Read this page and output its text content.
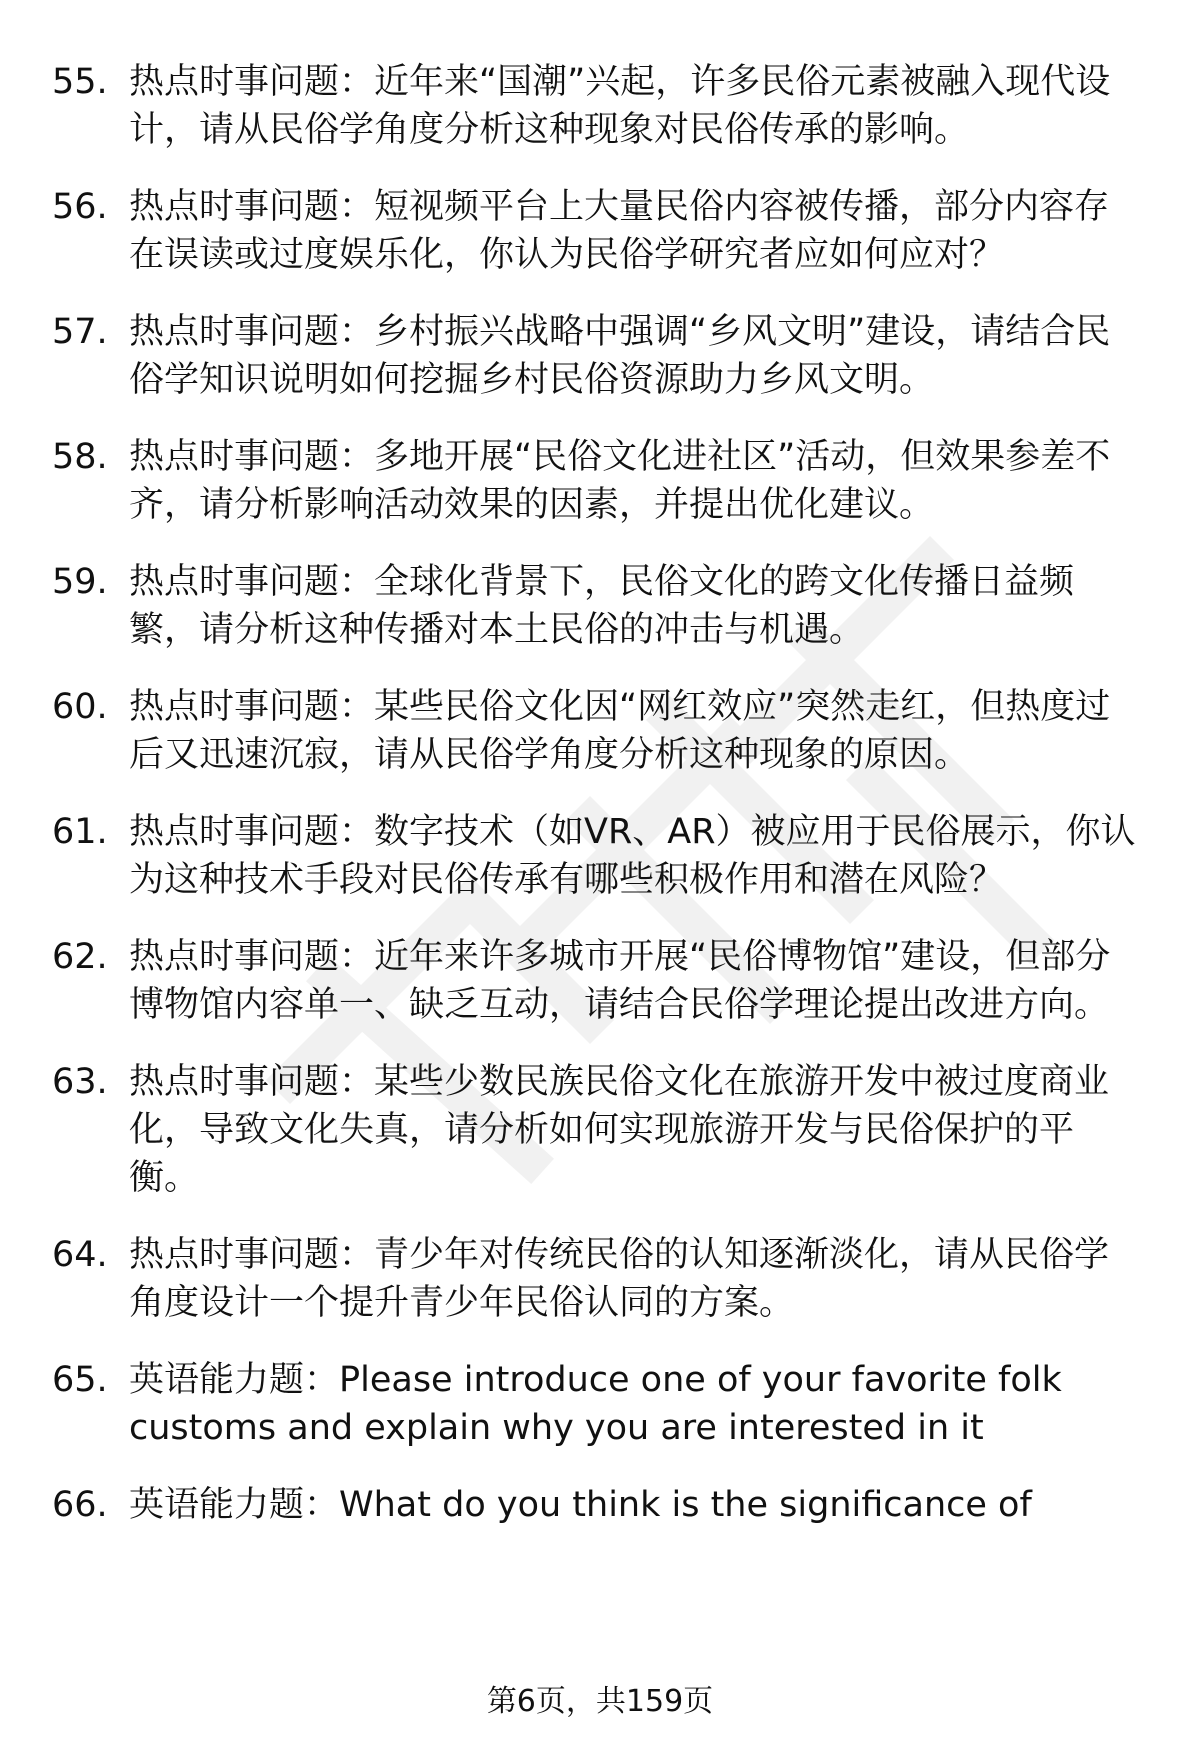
55. 热点时事问题：近年来“国潮”兴起，许多民俗元素被融入现代设计，请从民俗学角度分析这种现象对民俗传承的影响。
56. 热点时事问题：短视频平台上大量民俗内容被传播，部分内容存在误读或过度娱乐化，你认为民俗学研究者应如何应对？
57. 热点时事问题：乡村振兴战略中强调“乡风文明”建设，请结合民俗学知识说明如何挖掘乡村民俗资源助力乡风文明。
58. 热点时事问题：多地开展“民俗文化进社区”活动，但效果参差不齐，请分析影响活动效果的因素，并提出优化建议。
59. 热点时事问题：全球化背景下，民俗文化的跨文化传播日益频繁，请分析这种传播对本土民俗的冲击与机遇。
60. 热点时事问题：某些民俗文化因“网红效应”突然走红，但热度过后又迅速沉寂，请从民俗学角度分析这种现象的原因。
61. 热点时事问题：数字技术（如VR、AR）被应用于民俗展示，你认为这种技术手段对民俗传承有哪些积极作用和潜在风险？
62. 热点时事问题：近年来许多城市开展“民俗博物馆”建设，但部分博物馆内容单一、缺乏互动，请结合民俗学理论提出改进方向。
63. 热点时事问题：某些少数民族民俗文化在旅游开发中被过度商业化，导致文化失真，请分析如何实现旅游开发与民俗保护的平衡。
64. 热点时事问题：青少年对传统民俗的认知逐渐淡化，请从民俗学角度设计一个提升青少年民俗认同的方案。
65. 英语能力题：Please introduce one of your favorite folk customs and explain why you are interested in it
66. 英语能力题：What do you think is the significance of
第6页，共159页
